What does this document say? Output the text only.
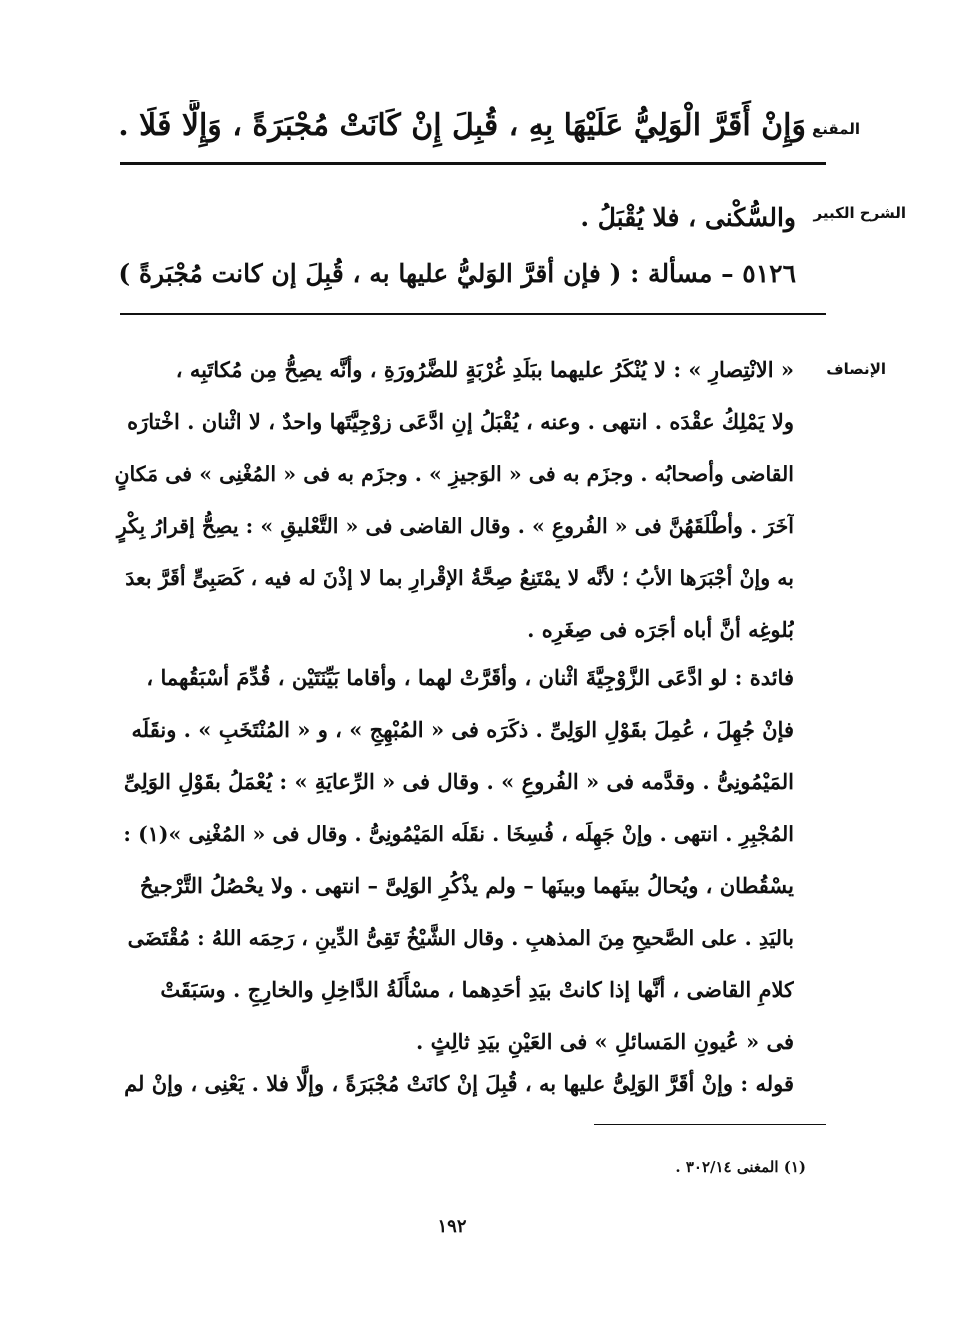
المقنع
وَإِنْ أَقَرَّ الْوَلِيُّ عَلَيْهَا بِهِ ، قُبِلَ إِنْ كَانَتْ مُجْبَرَةً ، وَإِلَّا فَلَا .
الشرح الكبير
والسُّكْنى ، فلا يُقْبَلُ .
٥١٢٦ – مسألة : ( فإن أقرَّ الوَليُّ عليها به ، قُبِلَ إن كانت مُجْبَرةً )
الإنصاف
« الانْتِصارِ » : لا يُنْكَرُ عليهما ببَلَدِ غُرْبَةٍ للضَّرُورَةِ ، وأنَّه يصِحُّ مِن مُكاتَبِه ،
ولا يَمْلِكُ عقْدَه . انتهى . وعنه ، يُقْبَلُ إنِ ادَّعَى زوْجِيَّتَها واحدٌ ، لا اثْنان . اخْتارَه
القاضى وأصحابُه . وجزَم به فى « الوَجيزِ » . وجزَم به فى « المُغْنِى » فى مَكانٍ
آخَرَ . وأطْلَقَهُنَّ فى « الفُروعِ » . وقال القاضى فى « التَّعْليقِ » : يصِحُّ إقرارُ بِكْرٍ
به وإنْ أجْبَرَها الأبُ ؛ لأنَّه لا يمْتَنِعُ صِحَّةُ الإقْرارِ بما لا إذْنَ له فيه ، كَصَبِىٍّ أقَرَّ بعدَ
بُلوغِه أنَّ أباه أجَرَه فى صِغَرِه .
فائدة : لو ادَّعَى الزَّوْجِيَّةَ اثْنان ، وأقَرَّتْ لهما ، وأقاما بَيِّنَتَيْن ، قُدِّمَ أسْبَقُهما ،
فإنْ جُهِلَ ، عُمِلَ بقَوْلِ الوَلِىِّ . ذكَرَه فى « المُبْهِجِ » ، و « المُنْتَخَبِ » . ونقَلَه
المَيْمُونِىُّ . وقدَّمه فى « الفُروعِ » . وقال فى « الرِّعايَةِ » : يُعْمَلُ بقَوْلِ الوَلِىِّ
المُجْبِرِ . انتهى . وإنْ جَهِلَه ، فُسِخَا . نقَلَه المَيْمُونِىُّ . وقال فى « المُغْنِى »(١) :
يسْقُطان ، ويُحالُ بينَهما وبينَها – ولم يذْكُرِ الوَلِىَّ – انتهى . ولا يحْصُلُ التَّرْجيحُ
باليَدِ . على الصَّحيحِ مِنَ المذهبِ . وقال الشَّيْخُ تَقِىُّ الدِّينِ ، رَحِمَه اللهُ : مُقْتَضَى
كلامِ القاضى ، أنَّها إذا كانتْ بيَدِ أحَدِهما ، مسْأَلَةُ الدَّاخِلِ والخارِجِ . وسَبَقَتْ
فى « عُيونِ المَسائلِ » فى العَيْنِ بيَدِ ثالِثٍ .
قوله : وإنْ أقَرَّ الوَلِىُّ عليها به ، قُبِلَ إنْ كانَتْ مُجْبَرَةً ، وإلَّا فلا . يَعْنِى ، وإنْ لم
(١) المغنى ٣٠٢/١٤ .
١٩٢
